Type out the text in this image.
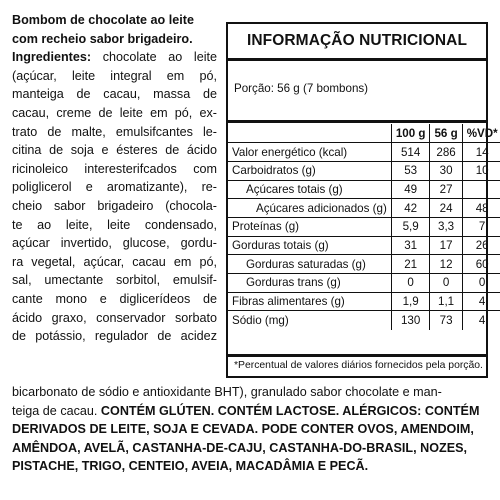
Bombom de chocolate ao leite
com recheio sabor brigadeiro.
Ingredientes: chocolate ao leite
(açúcar, leite integral em pó,
manteiga de cacau, massa de
cacau, creme de leite em pó, ex-
trato de malte, emulsifcantes le-
citina de soja e ésteres de ácido
ricinoleico interesterifcados com
poliglicerol e aromatizante), re-
cheio sabor brigadeiro (chocola-
te ao leite, leite condensado,
açúcar invertido, glucose, gordu-
ra vegetal, açúcar, cacau em pó,
sal, umectante sorbitol, emulsif-
cante mono e diglicerídeos de
ácido graxo, conservador sorbato
de potássio, regulador de acidez
bicarbonato de sódio e antioxidante BHT), granulado sabor chocolate e man-
teiga de cacau. CONTÉM GLÚTEN. CONTÉM LACTOSE. ALÉRGICOS: CONTÉM
DERIVADOS DE LEITE, SOJA E CEVADA. PODE CONTER OVOS, AMENDOIM,
AMÊNDOA, AVELÃ, CASTANHA-DE-CAJU, CASTANHA-DO-BRASIL, NOZES,
PISTACHE, TRIGO, CENTEIO, AVEIA, MACADÂMIA E PECÃ.
INFORMAÇÃO NUTRICIONAL
Porção: 56 g (7 bombons)
	100 g	56 g	%VD*
Valor energético (kcal)	514	286	14
Carboidratos (g)	53	30	10
Açúcares totais (g)	49	27	
Açúcares adicionados (g)	42	24	48
Proteínas (g)	5,9	3,3	7
Gorduras totais (g)	31	17	26
Gorduras saturadas (g)	21	12	60
Gorduras trans (g)	0	0	0
Fibras alimentares (g)	1,9	1,1	4
Sódio (mg)	130	73	4
*Percentual de valores diários fornecidos pela porção.
